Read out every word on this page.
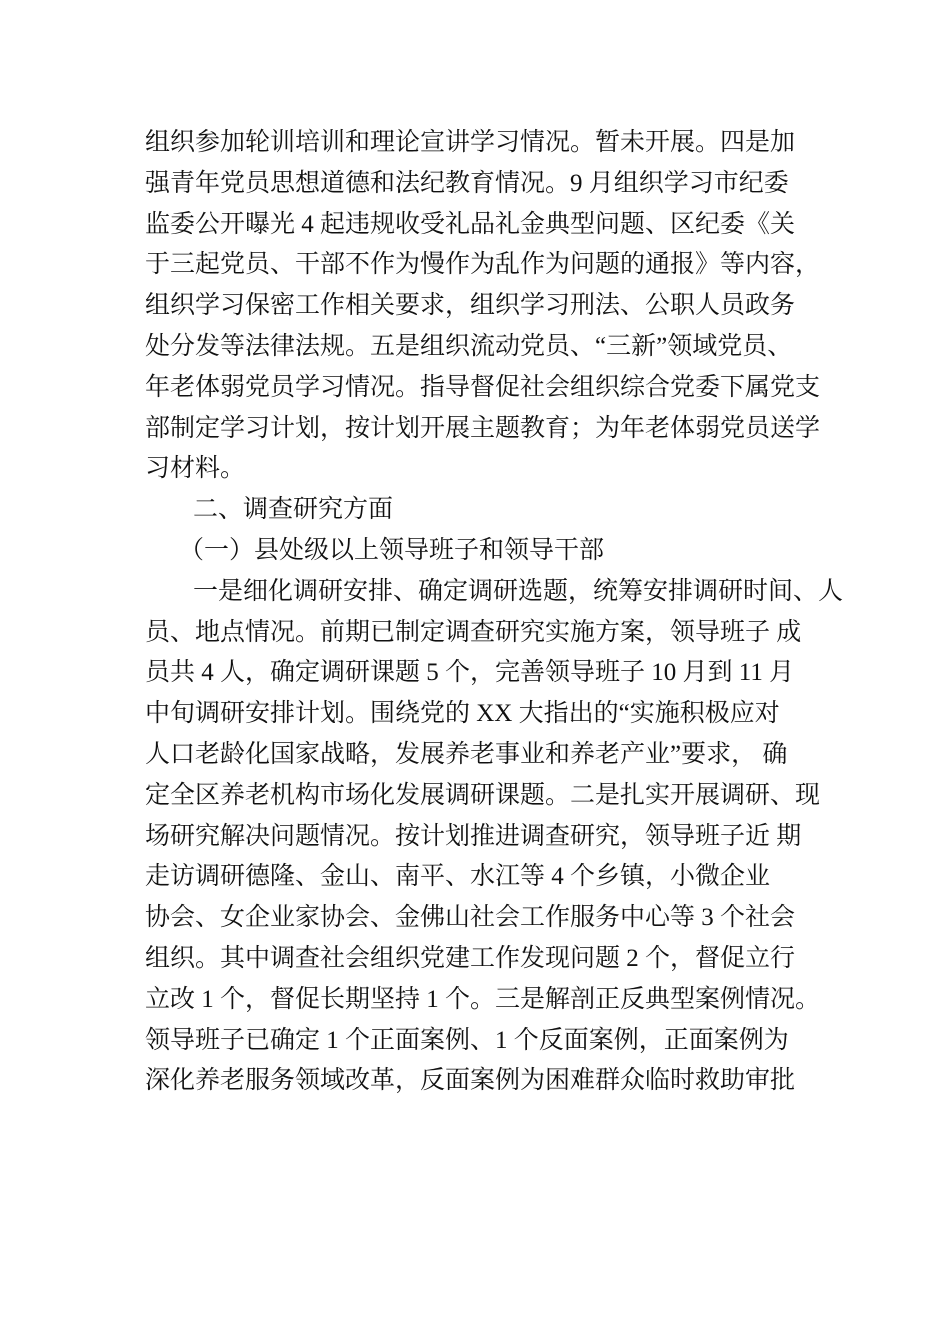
组织参加轮训培训和理论宣讲学习情况。暂未开展。四是加
强青年党员思想道德和法纪教育情况。9 月组织学习市纪委
监委公开曝光 4 起违规收受礼品礼金典型问题、区纪委《关
于三起党员、干部不作为慢作为乱作为问题的通报》等内容，
组织学习保密工作相关要求，组织学习刑法、公职人员政务
处分发等法律法规。五是组织流动党员、“三新”领域党员、
年老体弱党员学习情况。指导督促社会组织综合党委下属党支
部制定学习计划，按计划开展主题教育；为年老体弱党员送学
习材料。
二、调查研究方面
（一）县处级以上领导班子和领导干部
一是细化调研安排、确定调研选题，统筹安排调研时间、人
员、地点情况。前期已制定调查研究实施方案，领导班子 成
员共 4 人，确定调研课题 5 个，完善领导班子 10 月到 11 月
中旬调研安排计划。围绕党的 XX 大指出的“实施积极应对
人口老龄化国家战略，发展养老事业和养老产业”要求， 确
定全区养老机构市场化发展调研课题。二是扎实开展调研、现
场研究解决问题情况。按计划推进调查研究，领导班子近 期
走访调研德隆、金山、南平、水江等 4 个乡镇，小微企业
协会、女企业家协会、金佛山社会工作服务中心等 3 个社会
组织。其中调查社会组织党建工作发现问题 2 个，督促立行
立改 1 个，督促长期坚持 1 个。三是解剖正反典型案例情况。
领导班子已确定 1 个正面案例、1 个反面案例，正面案例为
深化养老服务领域改革，反面案例为困难群众临时救助审批
